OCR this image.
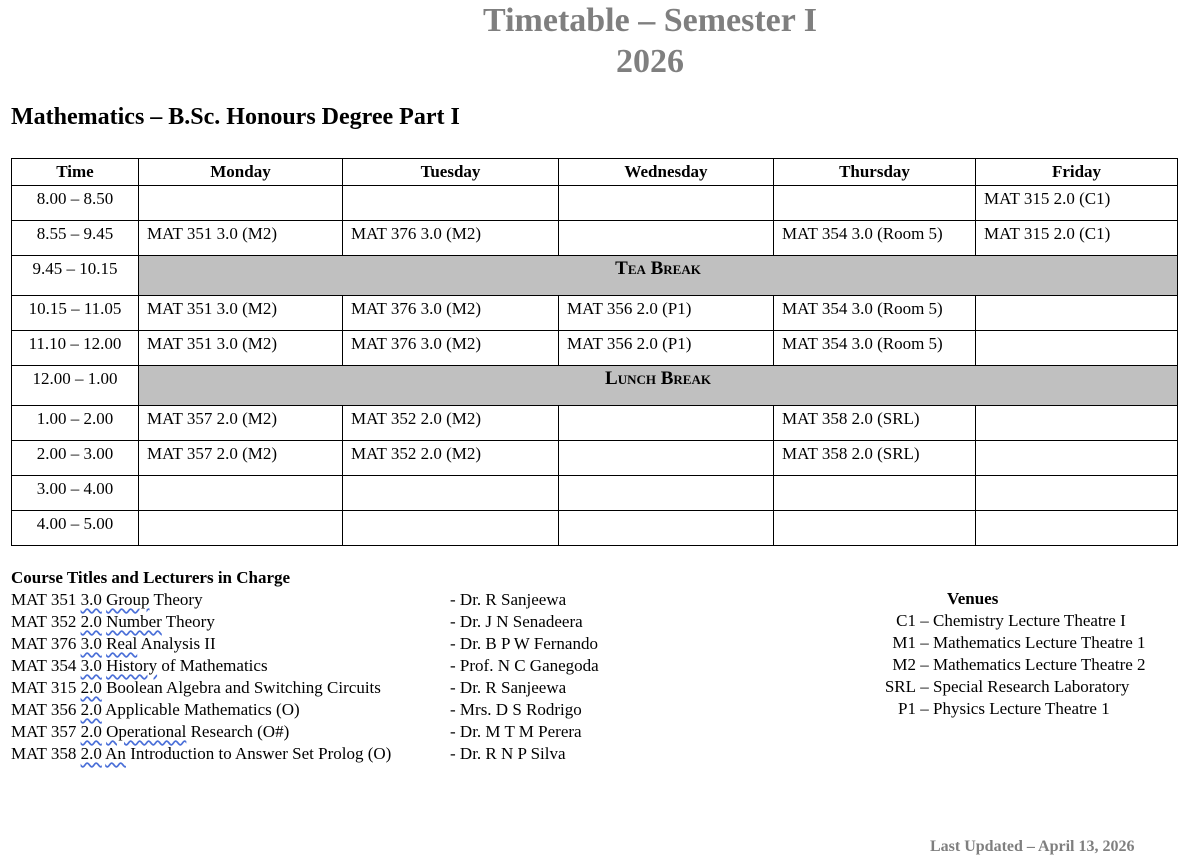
Timetable – Semester I
2026
Mathematics – B.Sc. Honours Degree Part I
Time	Monday	Tuesday	Wednesday	Thursday	Friday
8.00 – 8.50					MAT 315 2.0 (C1)
8.55 – 9.45	MAT 351 3.0 (M2)	MAT 376 3.0 (M2)		MAT 354 3.0 (Room 5)	MAT 315 2.0 (C1)
9.45 – 10.15	Tea Break				
10.15 – 11.05	MAT 351 3.0 (M2)	MAT 376 3.0 (M2)	MAT 356 2.0 (P1)	MAT 354 3.0 (Room 5)	
11.10 – 12.00	MAT 351 3.0 (M2)	MAT 376 3.0 (M2)	MAT 356 2.0 (P1)	MAT 354 3.0 (Room 5)	
12.00 – 1.00	Lunch Break				
1.00 – 2.00	MAT 357 2.0 (M2)	MAT 352 2.0 (M2)		MAT 358 2.0 (SRL)	
2.00 – 3.00	MAT 357 2.0 (M2)	MAT 352 2.0 (M2)		MAT 358 2.0 (SRL)	
3.00 – 4.00					
4.00 – 5.00					
Course Titles and Lecturers in Charge
MAT 351 3.0 Group Theory	- Dr. R Sanjeewa
MAT 352 2.0 Number Theory	- Dr. J N Senadeera
MAT 376 3.0 Real Analysis II	- Dr. B P W Fernando
MAT 354 3.0 History of Mathematics	- Prof. N C Ganegoda
MAT 315 2.0 Boolean Algebra and Switching Circuits	- Dr. R Sanjeewa
MAT 356 2.0 Applicable Mathematics (O)	- Mrs. D S Rodrigo
MAT 357 2.0 Operational Research (O#)	- Dr. M T M Perera
MAT 358 2.0 An Introduction to Answer Set Prolog (O)	- Dr. R N P Silva
Venues
C1 – Chemistry Lecture Theatre I
M1 – Mathematics Lecture Theatre 1
M2 – Mathematics Lecture Theatre 2
SRL – Special Research Laboratory
P1 – Physics Lecture Theatre 1
Last Updated – April 13, 2026
